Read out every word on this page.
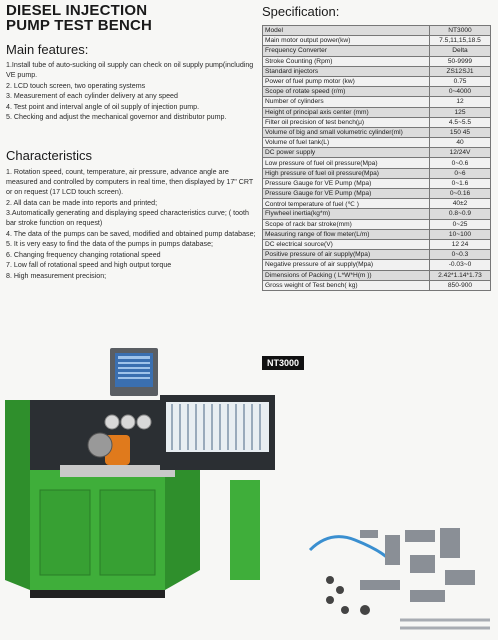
DIESEL INJECTION
PUMP TEST BENCH
Main features:
1.Install tube of auto-sucking oil supply can check on oil supply pump(including VE pump.
2. LCD touch screen, two operating systems
3. Measurement of each cylinder delivery at any speed
4. Test point and interval angle of oil supply of injection pump.
5. Checking and adjust the mechanical governor and distributor pump.
Characteristics
1. Rotation speed, count, temperature, air pressure, advance angle are measured and controlled by computers in real time, then displayed by 17" CRT or on request (17 LCD touch screen).
2. All data can be made into reports and printed;
3.Automatically generating and displaying speed characteristics curve; ( tooth bar stroke function on request)
4. The data of the pumps can be saved, modified and obtained pump database;
5. It is very easy to find the data of the pumps in pumps database;
6. Changing frequency changing rotational speed
7. Low fall of rotational speed and high output torque
8. High measurement precision;
Specification:
Model	NT3000
Main motor output power(kw)	7.5,11,15,18.5
Frequency Converter	Delta
Stroke Counting (Rpm)	50-9999
Standard injectors	ZS12SJ1
Power of fuel pump motor (kw)	0.75
Scope of rotate speed (r/m)	0~4000
Number of cylinders	12
Height of principal axis center (mm)	125
Filter oil precision of test bench(μ)	4.5~5.5
Volume of big and small volumetric cylinder(ml)	150 45
Volume of fuel tank(L)	40
DC power supply	12/24V
Low pressure of fuel oil pressure(Mpa)	0~0.6
High pressure of fuel oil pressure(Mpa)	0~6
Pressure Gauge for VE Pump (Mpa)	0~1.6
Pressure Gauge for VE Pump (Mpa)	0~0.16
Control temperature of fuel (℃ )	40±2
Flywheel inertia(kg*m)	0.8~0.9
Scope of rack bar stroke(mm)	0~25
Measuring range of flow meter(L/m)	10~100
DC electrical source(V)	12 24
Positive pressure of air supply(Mpa)	0~0.3
Negative pressure of air supply(Mpa)	-0.03~0
Dimensions of Packing ( L*W*H(m ))	2.42*1.14*1.73
Gross weight of Test bench( kg)	850-900
NT3000
